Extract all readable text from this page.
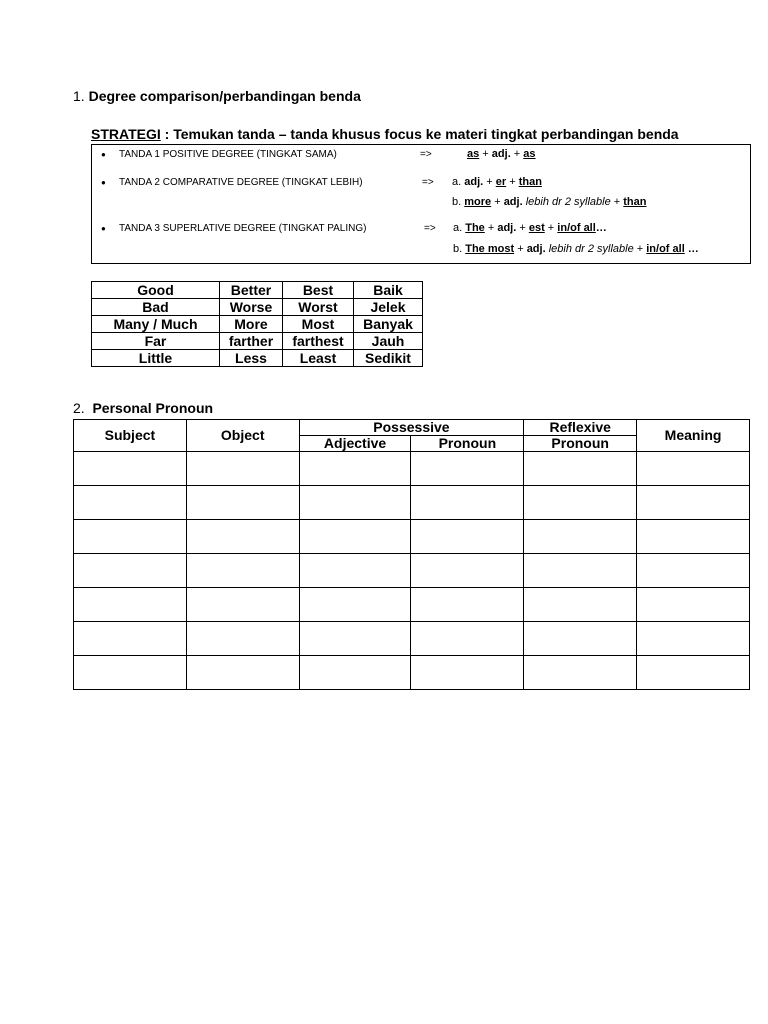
1. Degree comparison/perbandingan benda
STRATEGI : Temukan tanda – tanda khusus focus ke materi tingkat perbandingan benda
● TANDA 1 POSITIVE DEGREE (TINGKAT SAMA)	=>	as + adj. + as
● TANDA 2 COMPARATIVE DEGREE (TINGKAT LEBIH)	=> a. adj. + er + than
b. more + adj. lebih dr 2 syllable + than
● TANDA 3 SUPERLATIVE DEGREE (TINGKAT PALING)	=> a. The + adj. + est + in/of all…
b. The most + adj. lebih dr 2 syllable + in/of all …
Good	Better	Best	Baik
Bad	Worse	Worst	Jelek
Many / Much	More	Most	Banyak
Far	farther	farthest	Jauh
Little	Less	Least	Sedikit
2. Personal Pronoun
Subject	Object	Possessive		Reflexive	Meaning
		Adjective	Pronoun	Pronoun	
